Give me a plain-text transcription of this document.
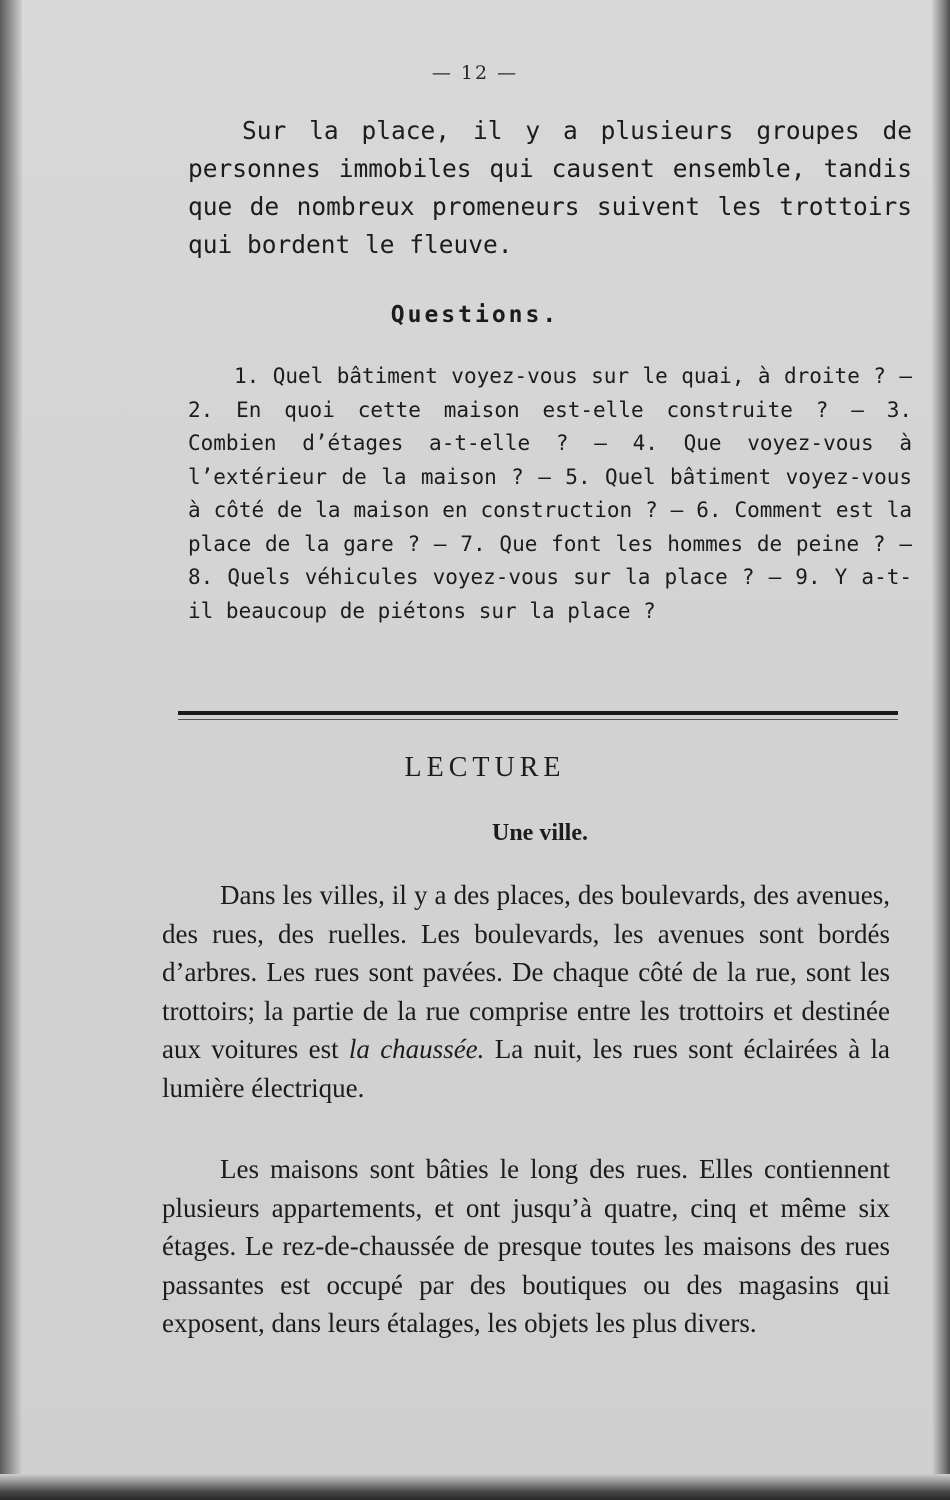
— 12 —

Sur la place, il y a plusieurs groupes de personnes immobiles qui causent ensemble, tandis que de nombreux promeneurs suivent les trottoirs qui bordent le fleuve.

Questions.

1. Quel bâtiment voyez-vous sur le quai, à droite ? — 2. En quoi cette maison est-elle construite ? — 3. Combien d’étages a-t-elle ? — 4. Que voyez-vous à l’extérieur de la maison ? — 5. Quel bâtiment voyez-vous à côté de la maison en construction ? — 6. Comment est la place de la gare ? — 7. Que font les hommes de peine ? — 8. Quels véhicules voyez-vous sur la place ? — 9. Y a-t-il beaucoup de piétons sur la place ?

LECTURE
Une ville.

Dans les villes, il y a des places, des boulevards, des avenues, des rues, des ruelles. Les boulevards, les avenues sont bordés d’arbres. Les rues sont pavées. De chaque côté de la rue, sont les trottoirs; la partie de la rue comprise entre les trottoirs et destinée aux voitures est la chaussée. La nuit, les rues sont éclairées à la lumière électrique.

Les maisons sont bâties le long des rues. Elles contiennent plusieurs appartements, et ont jusqu’à quatre, cinq et même six étages. Le rez-de-chaussée de presque toutes les maisons des rues passantes est occupé par des boutiques ou des magasins qui exposent, dans leurs étalages, les objets les plus divers.
